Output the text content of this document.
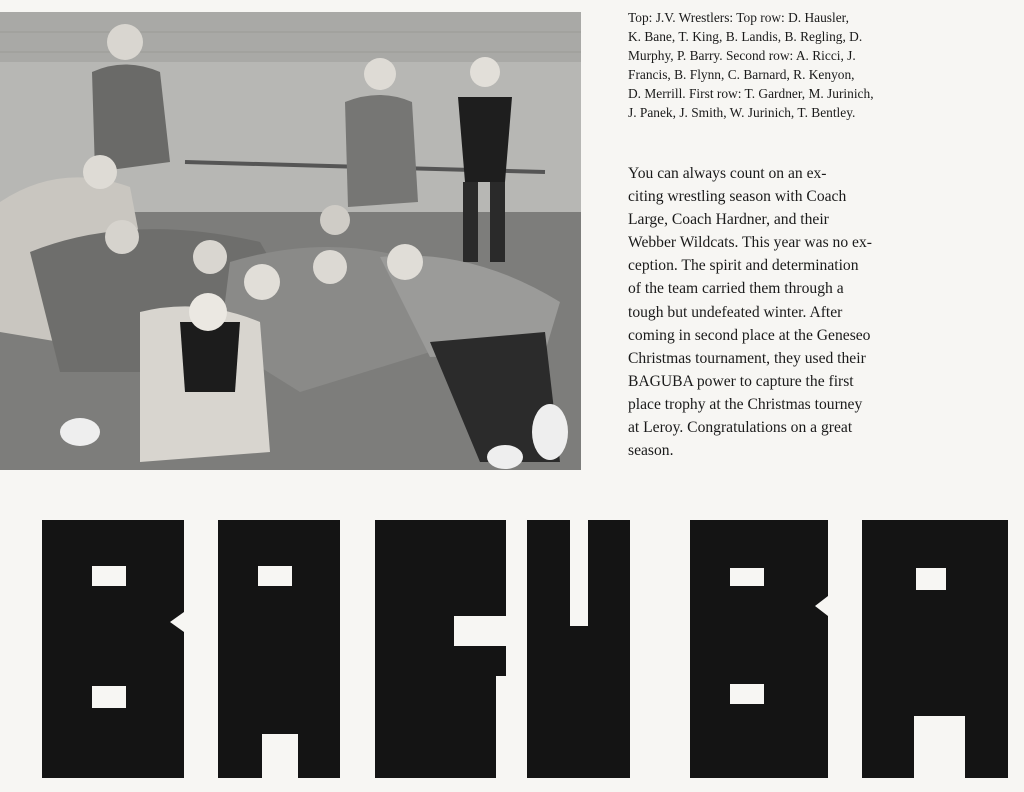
Top: J.V. Wrestlers: Top row: D. Hausler,
K. Bane, T. King, B. Landis, B. Regling, D.
Murphy, P. Barry. Second row: A. Ricci, J.
Francis, B. Flynn, C. Barnard, R. Kenyon,
D. Merrill. First row: T. Gardner, M. Jurinich,
J. Panek, J. Smith, W. Jurinich, T. Bentley.
You can always count on an ex-
citing wrestling season with Coach
Large, Coach Hardner, and their
Webber Wildcats. This year was no ex-
ception. The spirit and determination
of the team carried them through a
tough but undefeated winter. After
coming in second place at the Geneseo
Christmas tournament, they used their
BAGUBA power to capture the first
place trophy at the Christmas tourney
at Leroy. Congratulations on a great
season.
